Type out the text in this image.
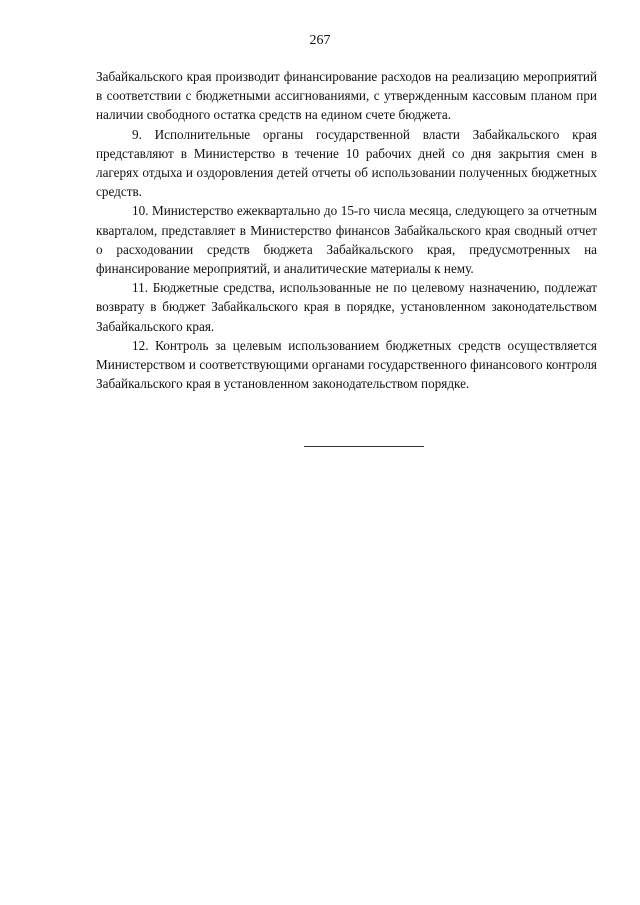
267

Забайкальского края производит финансирование расходов на реализацию мероприятий в соответствии с бюджетными ассигнованиями, с утвержденным кассовым планом при наличии свободного остатка средств на едином счете бюджета.

9. Исполнительные органы государственной власти Забайкальского края представляют в Министерство в течение 10 рабочих дней со дня закрытия смен в лагерях отдыха и оздоровления детей отчеты об использовании полученных бюджетных средств.

10. Министерство ежеквартально до 15-го числа месяца, следующего за отчетным кварталом, представляет в Министерство финансов Забайкальского края сводный отчет о расходовании средств бюджета Забайкальского края, предусмотренных на финансирование мероприятий, и аналитические материалы к нему.

11. Бюджетные средства, использованные не по целевому назначению, подлежат возврату в бюджет Забайкальского края в порядке, установленном законодательством Забайкальского края.

12. Контроль за целевым использованием бюджетных средств осуществляется Министерством и соответствующими органами государственного финансового контроля Забайкальского края в установленном законодательством порядке.
